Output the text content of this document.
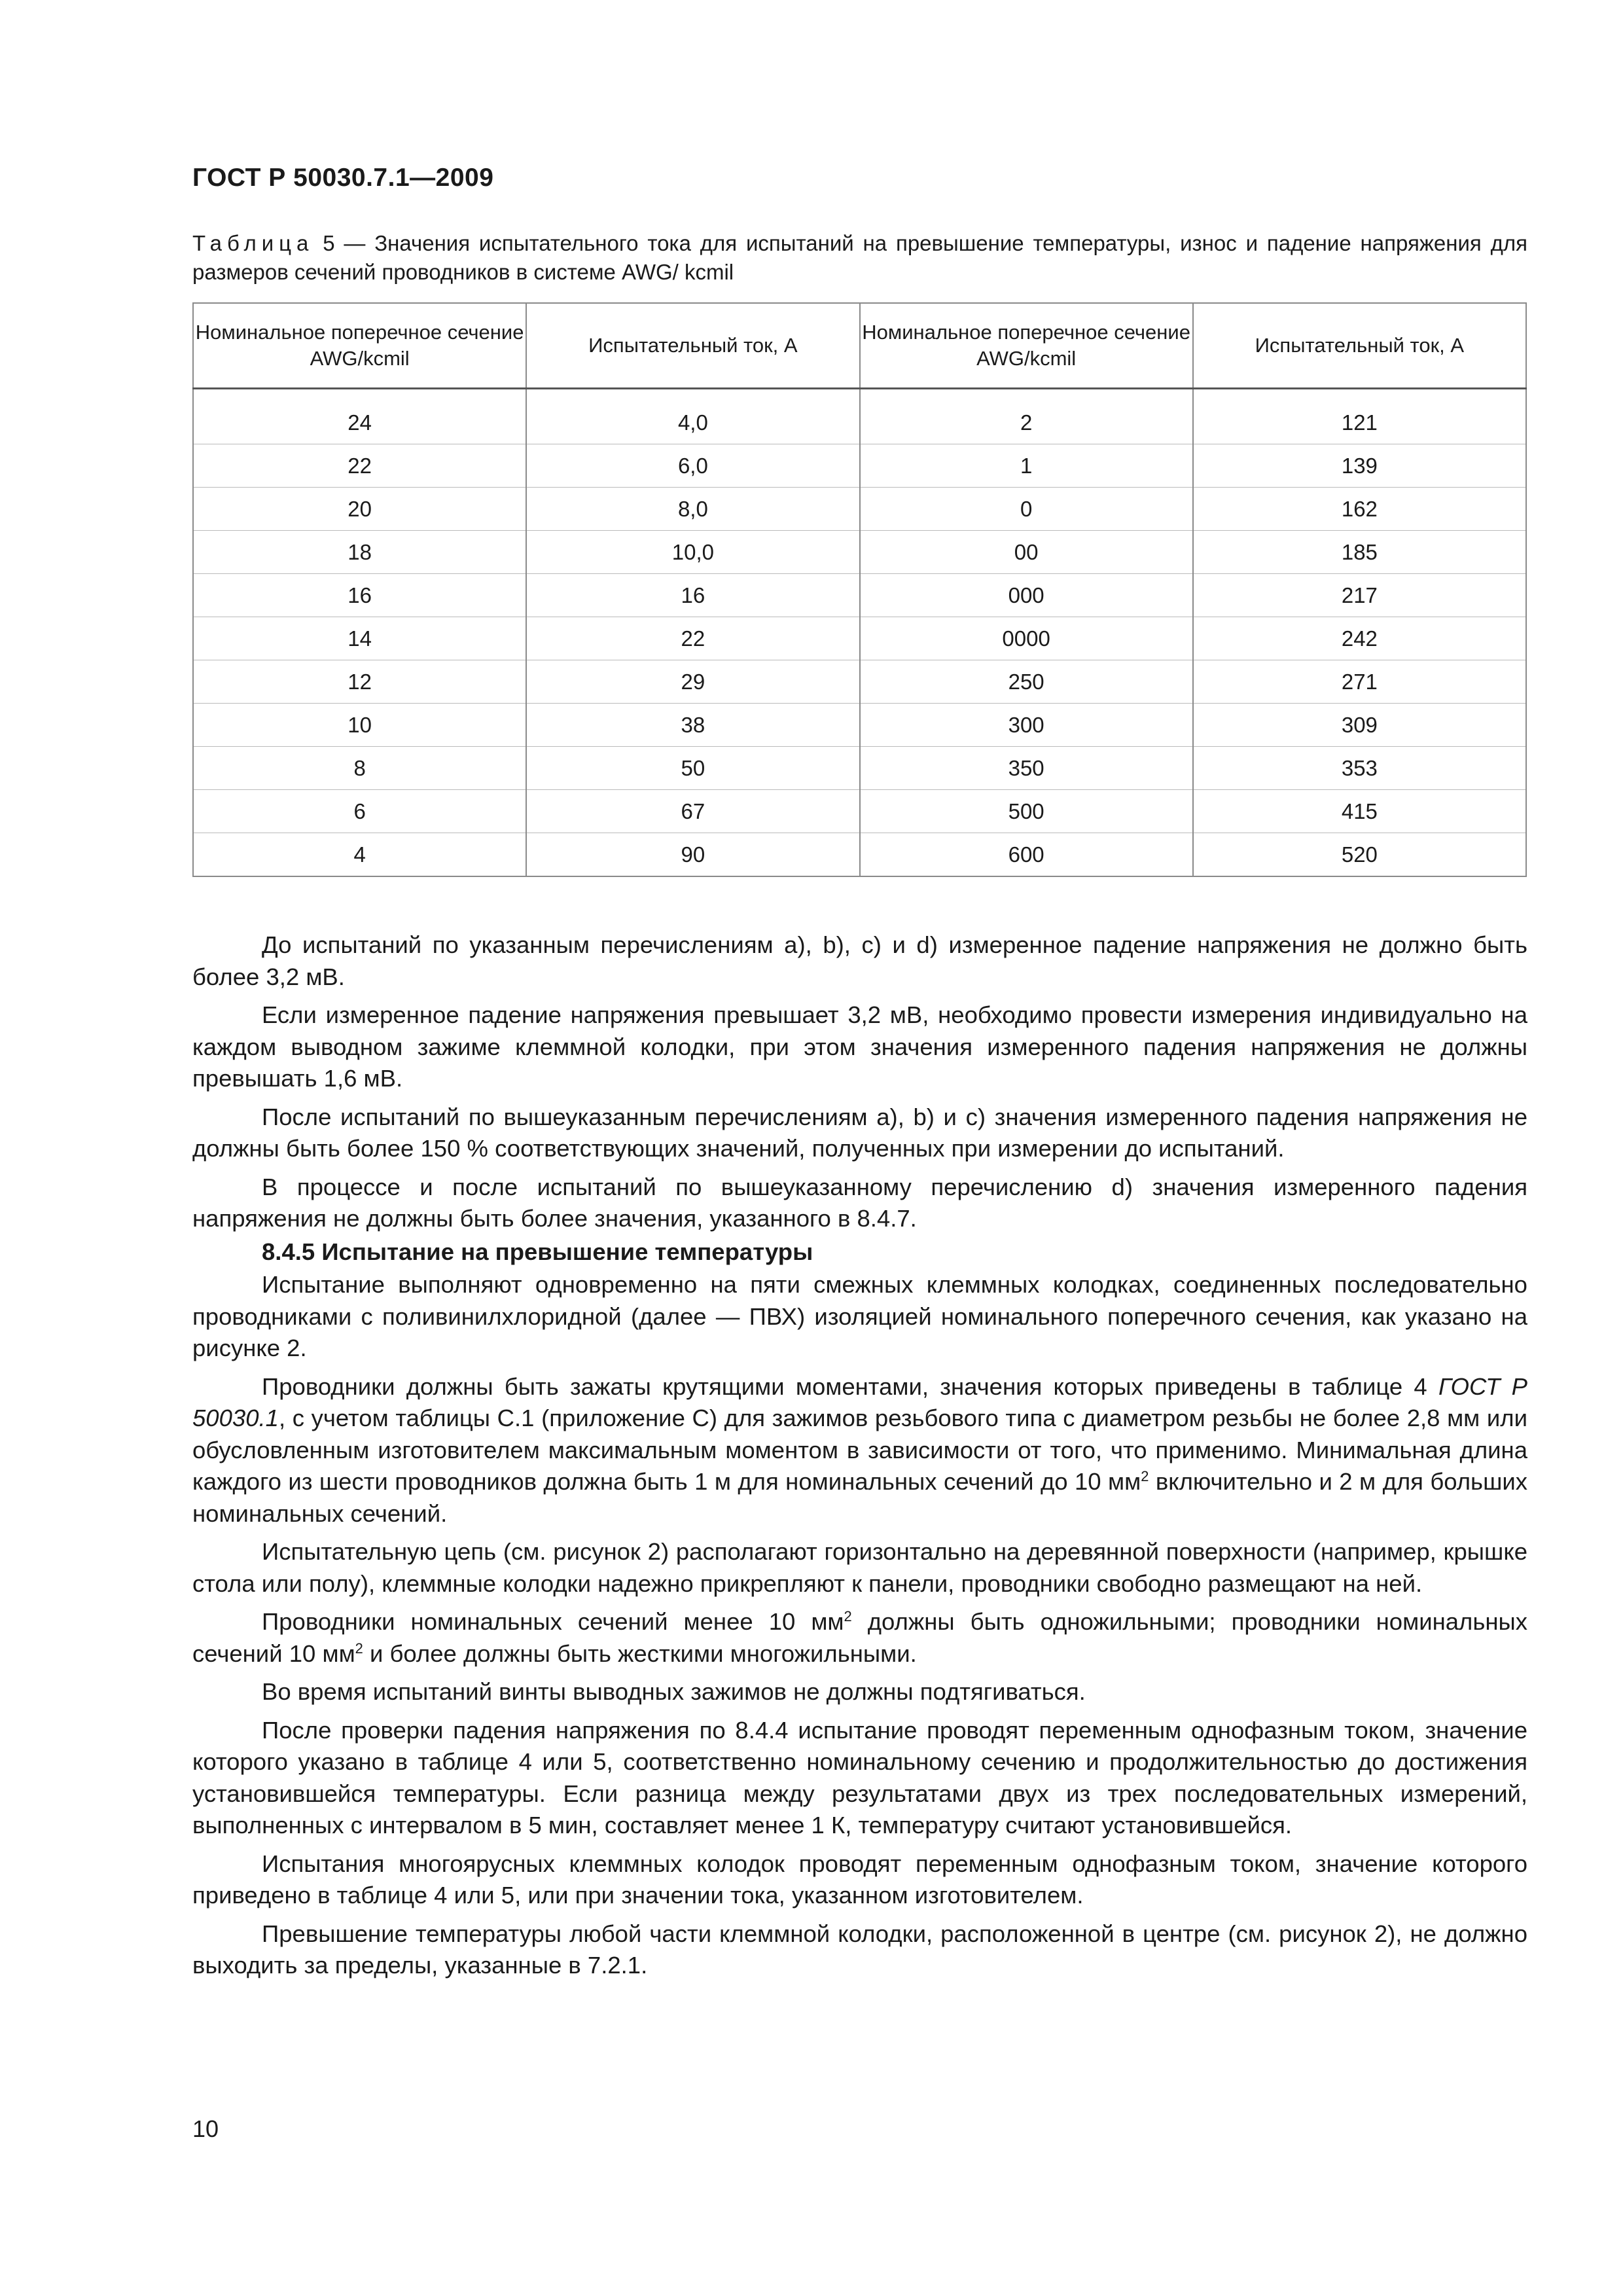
ГОСТ Р 50030.7.1—2009
Таблица 5 — Значения испытательного тока для испытаний на превышение температуры, износ и падение напряжения для размеров сечений проводников в системе AWG/ kcmil
Номинальное поперечное сечение AWG/kcmil	Испытательный ток, А	Номинальное поперечное сечение AWG/kcmil	Испытательный ток, А
24	4,0	2	121
22	6,0	1	139
20	8,0	0	162
18	10,0	00	185
16	16	000	217
14	22	0000	242
12	29	250	271
10	38	300	309
8	50	350	353
6	67	500	415
4	90	600	520

До испытаний по указанным перечислениям а), b), с) и d) измеренное падение напряжения не должно быть более 3,2 мВ.

Если измеренное падение напряжения превышает 3,2 мВ, необходимо провести измерения индивидуально на каждом выводном зажиме клеммной колодки, при этом значения измеренного падения напряжения не должны превышать 1,6 мВ.

После испытаний по вышеуказанным перечислениям а), b) и с) значения измеренного падения напряжения не должны быть более 150 % соответствующих значений, полученных при измерении до испытаний.

В процессе и после испытаний по вышеуказанному перечислению d) значения измеренного падения напряжения не должны быть более значения, указанного в 8.4.7.

8.4.5 Испытание на превышение температуры

Испытание выполняют одновременно на пяти смежных клеммных колодках, соединенных последовательно проводниками с поливинилхлоридной (далее — ПВХ) изоляцией номинального поперечного сечения, как указано на рисунке 2.

Проводники должны быть зажаты крутящими моментами, значения которых приведены в таблице 4 ГОСТ Р 50030.1, с учетом таблицы С.1 (приложение С) для зажимов резьбового типа с диаметром резьбы не более 2,8 мм или обусловленным изготовителем максимальным моментом в зависимости от того, что применимо. Минимальная длина каждого из шести проводников должна быть 1 м для номинальных сечений до 10 $мм^2$ включительно и 2 м для больших номинальных сечений.

Испытательную цепь (см. рисунок 2) располагают горизонтально на деревянной поверхности (например, крышке стола или полу), клеммные колодки надежно прикрепляют к панели, проводники свободно размещают на ней.

Проводники номинальных сечений менее 10 $мм^2$ должны быть одножильными; проводники номинальных сечений 10 $мм^2$ и более должны быть жесткими многожильными.

Во время испытаний винты выводных зажимов не должны подтягиваться.

После проверки падения напряжения по 8.4.4 испытание проводят переменным однофазным током, значение которого указано в таблице 4 или 5, соответственно номинальному сечению и продолжительностью до достижения установившейся температуры. Если разница между результатами двух из трех последовательных измерений, выполненных с интервалом в 5 мин, составляет менее 1 К, температуру считают установившейся.

Испытания многоярусных клеммных колодок проводят переменным однофазным током, значение которого приведено в таблице 4 или 5, или при значении тока, указанном изготовителем.

Превышение температуры любой части клеммной колодки, расположенной в центре (см. рисунок 2), не должно выходить за пределы, указанные в 7.2.1.

10
